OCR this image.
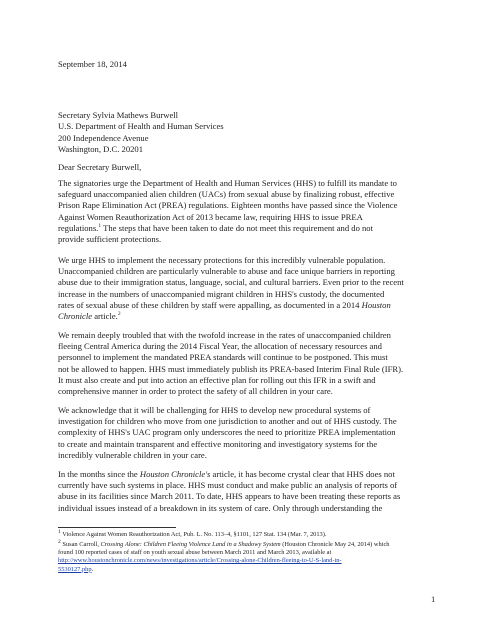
September 18, 2014
Secretary Sylvia Mathews Burwell
U.S. Department of Health and Human Services
200 Independence Avenue
Washington, D.C. 20201
Dear Secretary Burwell,

The signatories urge the Department of Health and Human Services (HHS) to fulfill its mandate to
safeguard unaccompanied alien children (UACs) from sexual abuse by finalizing robust, effective
Prison Rape Elimination Act (PREA) regulations. Eighteen months have passed since the Violence
Against Women Reauthorization Act of 2013 became law, requiring HHS to issue PREA
regulations.$^1$ The steps that have been taken to date do not meet this requirement and do not
provide sufficient protections.

We urge HHS to implement the necessary protections for this incredibly vulnerable population.
Unaccompanied children are particularly vulnerable to abuse and face unique barriers in reporting
abuse due to their immigration status, language, social, and cultural barriers. Even prior to the recent
increase in the numbers of unaccompanied migrant children in HHS's custody, the documented
rates of sexual abuse of these children by staff were appalling, as documented in a 2014 Houston
Chronicle article.$^2$

We remain deeply troubled that with the twofold increase in the rates of unaccompanied children
fleeing Central America during the 2014 Fiscal Year, the allocation of necessary resources and
personnel to implement the mandated PREA standards will continue to be postponed. This must
not be allowed to happen. HHS must immediately publish its PREA-based Interim Final Rule (IFR).
It must also create and put into action an effective plan for rolling out this IFR in a swift and
comprehensive manner in order to protect the safety of all children in your care.

We acknowledge that it will be challenging for HHS to develop new procedural systems of
investigation for children who move from one jurisdiction to another and out of HHS custody. The
complexity of HHS's UAC program only underscores the need to prioritize PREA implementation
to create and maintain transparent and effective monitoring and investigatory systems for the
incredibly vulnerable children in your care.

In the months since the Houston Chronicle's article, it has become crystal clear that HHS does not
currently have such systems in place. HHS must conduct and make public an analysis of reports of
abuse in its facilities since March 2011. To date, HHS appears to have been treating these reports as
individual issues instead of a breakdown in its system of care. Only through understanding the

$^1$ Violence Against Women Reauthorization Act, Pub. L. No. 113–4, §1101, 127 Stat. 134 (Mar. 7, 2013).

$^2$ Susan Carroll, Crossing Alone: Children Fleeing Violence Land in a Shadowy System (Houston Chronicle May 24, 2014) which
found 100 reported cases of staff on youth sexual abuse between March 2011 and March 2013, available at
http://www.houstonchronicle.com/news/investigations/article/Crossing-alone-Children-fleeing-to-U-S-land-in-
5530127.php.

1
